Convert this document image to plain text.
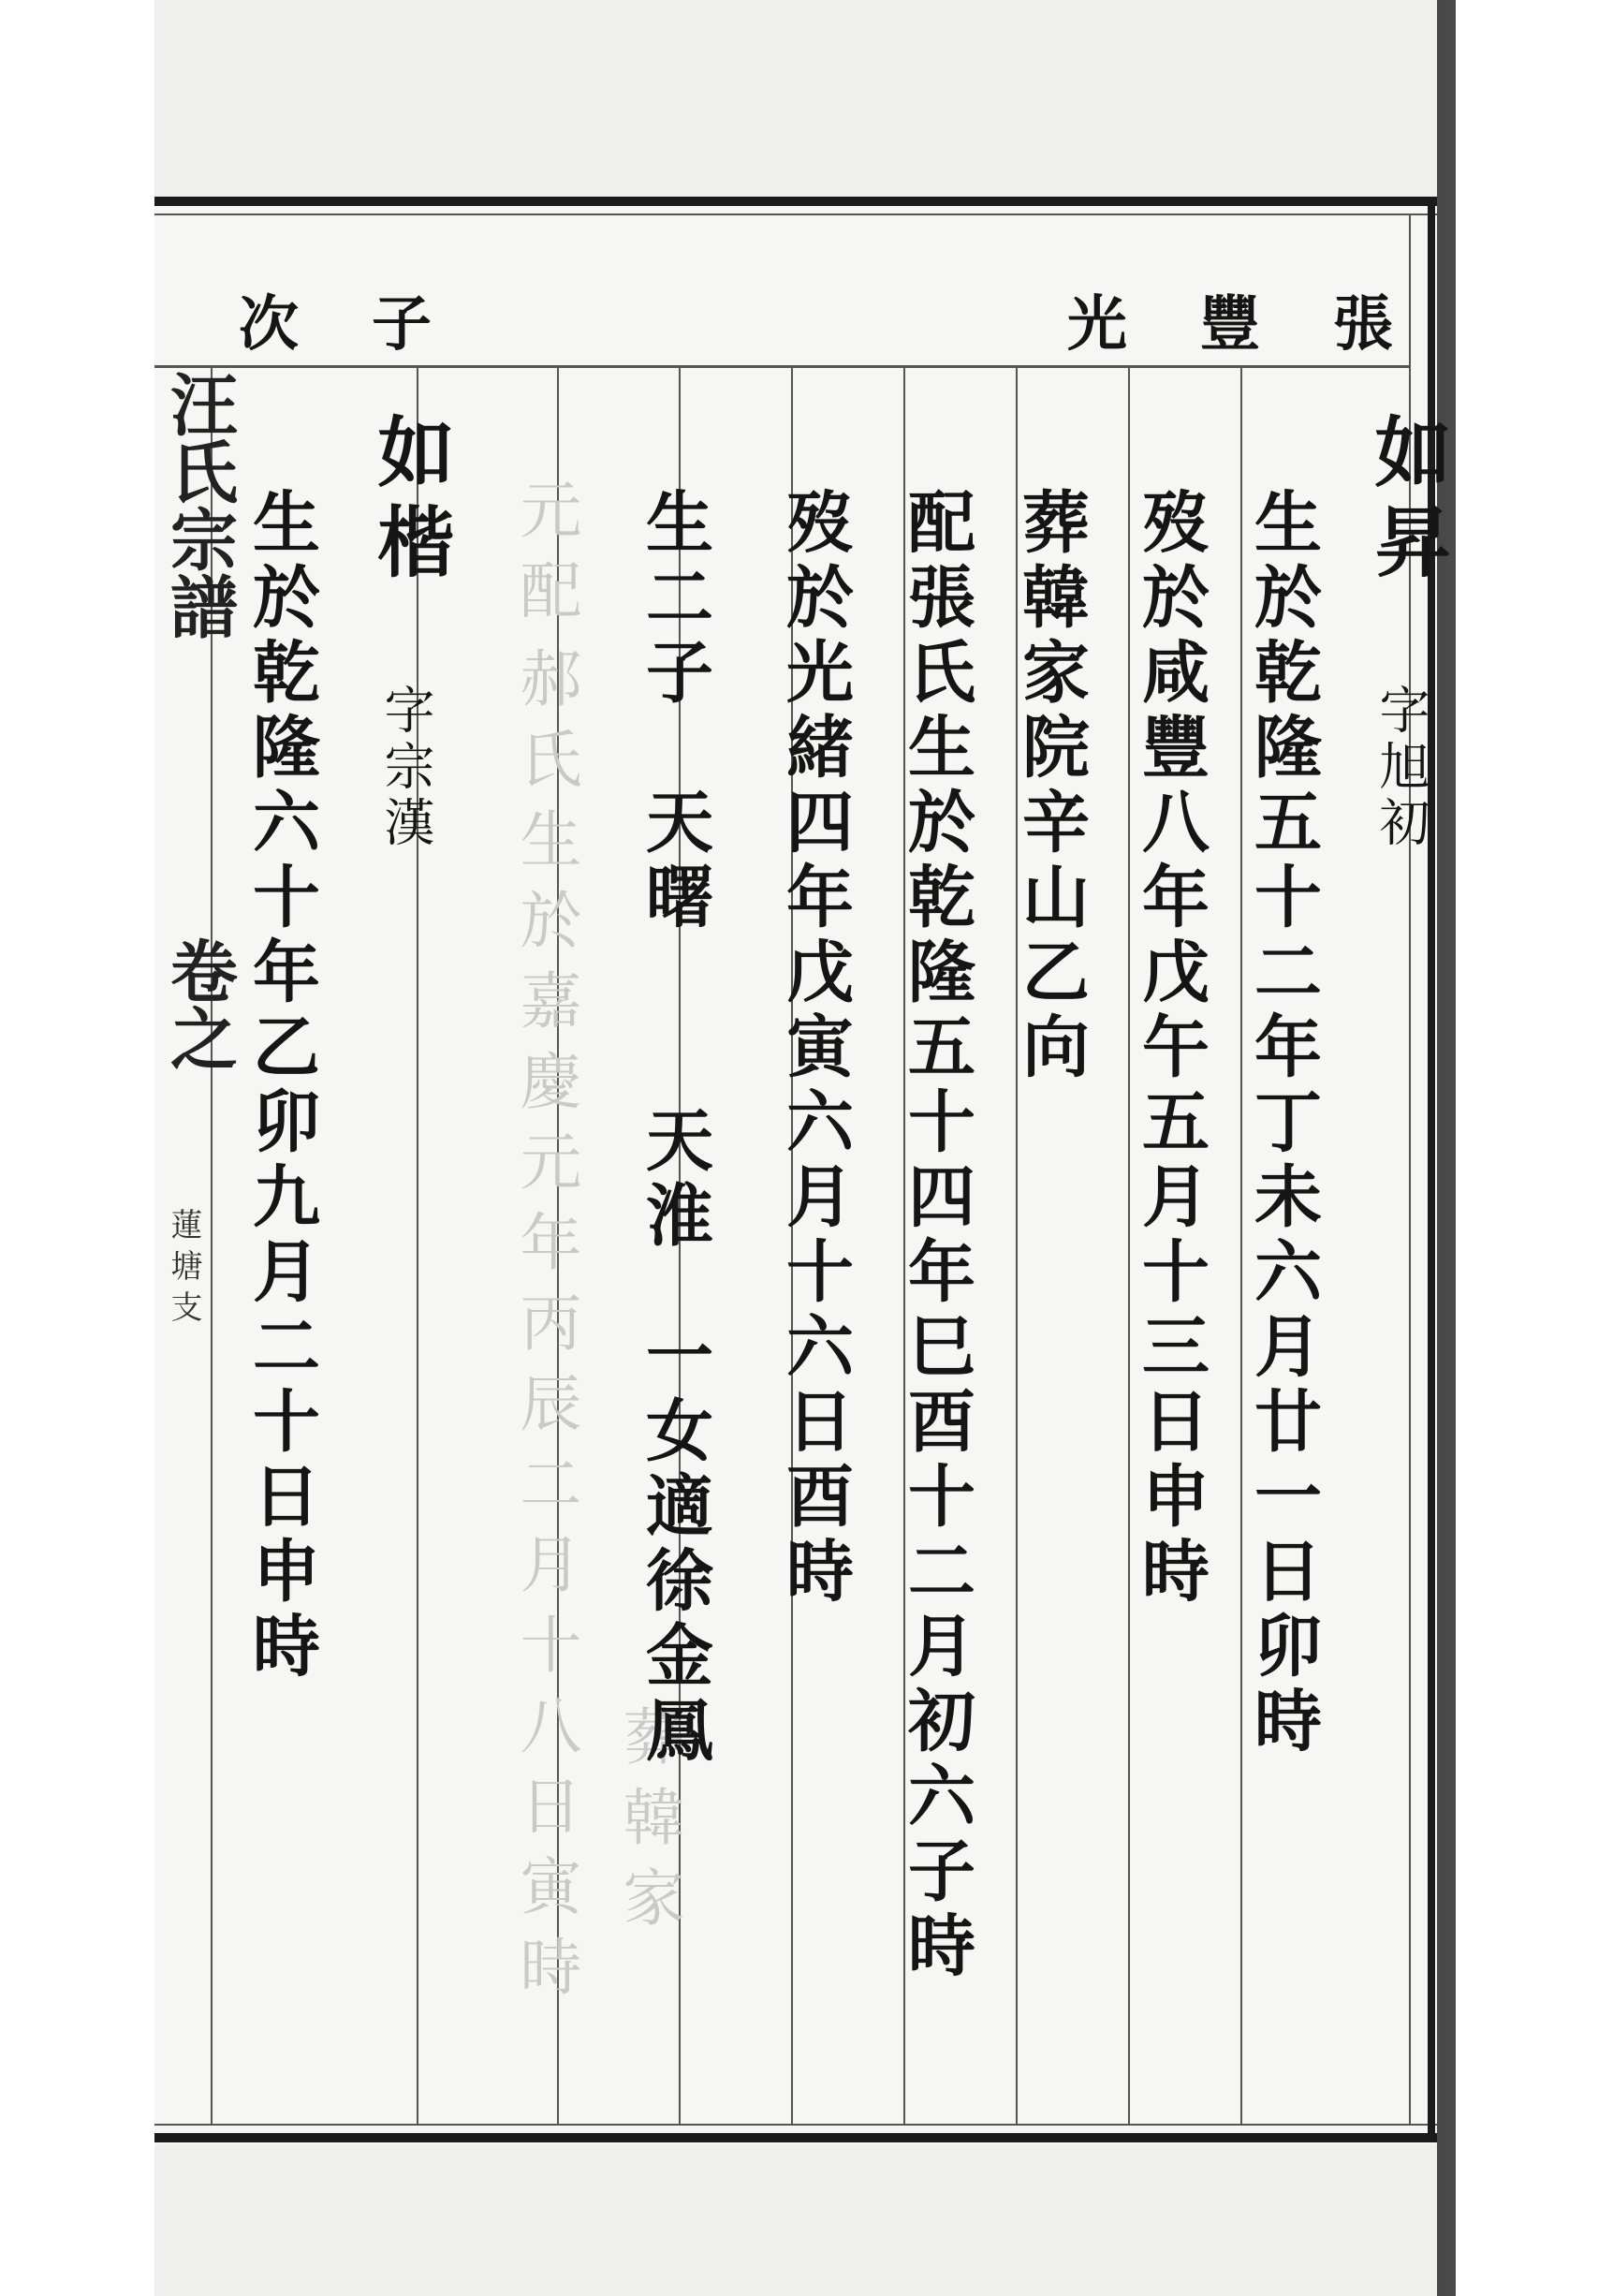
光豐張
次子
汪氏宗譜
卷之
蓮塘支
元配
郝氏生於嘉慶元年丙辰二月十八日寅時 葬韓家
如昇
字旭初
生於乾隆五十二年丁未六月廿一日卯時
歿於咸豐八年戊午五月十三日申時
葬韓家院辛山乙向
配張氏生於乾隆五十四年巳酉十二月初六子時
歿於光緒四年戊寅六月十六日酉時
生二子
天曙
天淮
一女適徐金鳳
如楷
字宗漢
生於乾隆六十年乙卯九月二十日申時
